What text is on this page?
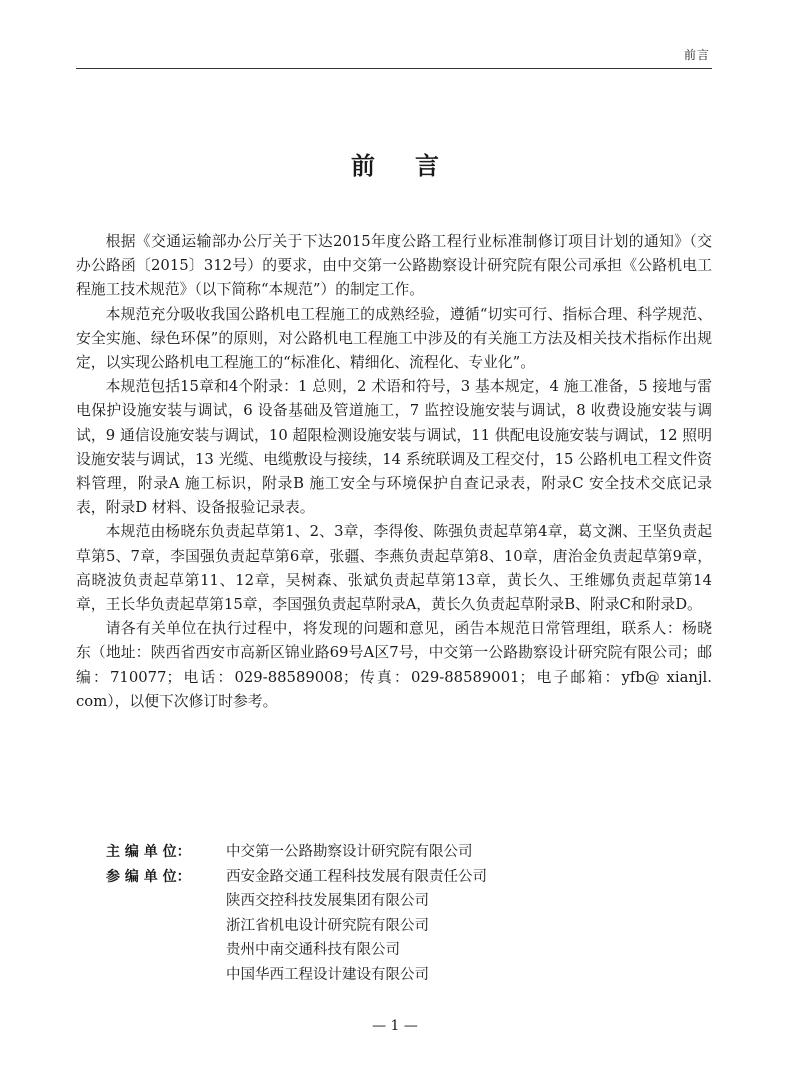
前言
前言

根据《交通运输部办公厅关于下达2015年度公路工程行业标准制修订项目计划的通知》（交办公路函〔2015〕312号）的要求，由中交第一公路勘察设计研究院有限公司承担《公路机电工程施工技术规范》（以下简称“本规范”）的制定工作。

本规范充分吸收我国公路机电工程施工的成熟经验，遵循“切实可行、指标合理、科学规范、安全实施、绿色环保”的原则，对公路机电工程施工中涉及的有关施工方法及相关技术指标作出规定，以实现公路机电工程施工的“标准化、精细化、流程化、专业化”。

本规范包括15章和4个附录：1 总则，2 术语和符号，3 基本规定，4 施工准备，5 接地与雷电保护设施安装与调试，6 设备基础及管道施工，7 监控设施安装与调试，8 收费设施安装与调试，9 通信设施安装与调试，10 超限检测设施安装与调试，11 供配电设施安装与调试，12 照明设施安装与调试，13 光缆、电缆敷设与接续，14 系统联调及工程交付，15 公路机电工程文件资料管理，附录A 施工标识，附录B 施工安全与环境保护自查记录表，附录C 安全技术交底记录表，附录D 材料、设备报验记录表。

本规范由杨晓东负责起草第1、2、3章，李得俊、陈强负责起草第4章，葛文渊、王坚负责起草第5、7章，李国强负责起草第6章，张疆、李燕负责起草第8、10章，唐治金负责起草第9章，高晓波负责起草第11、12章，吴树森、张斌负责起草第13章，黄长久、王维娜负责起草第14章，王长华负责起草第15章，李国强负责起草附录A，黄长久负责起草附录B、附录C和附录D。

请各有关单位在执行过程中，将发现的问题和意见，函告本规范日常管理组，联系人：杨晓东（地址：陕西省西安市高新区锦业路69号A区7号，中交第一公路勘察设计研究院有限公司；邮编：710077；电话：029-88589008；传真：029-88589001；电子邮箱：yfb@ xianjl. com），以便下次修订时参考。

主 编 单 位：	中交第一公路勘察设计研究院有限公司
参 编 单 位：	西安金路交通工程科技发展有限责任公司
陕西交控科技发展集团有限公司
浙江省机电设计研究院有限公司
贵州中南交通科技有限公司
中国华西工程设计建设有限公司
— 1 —
